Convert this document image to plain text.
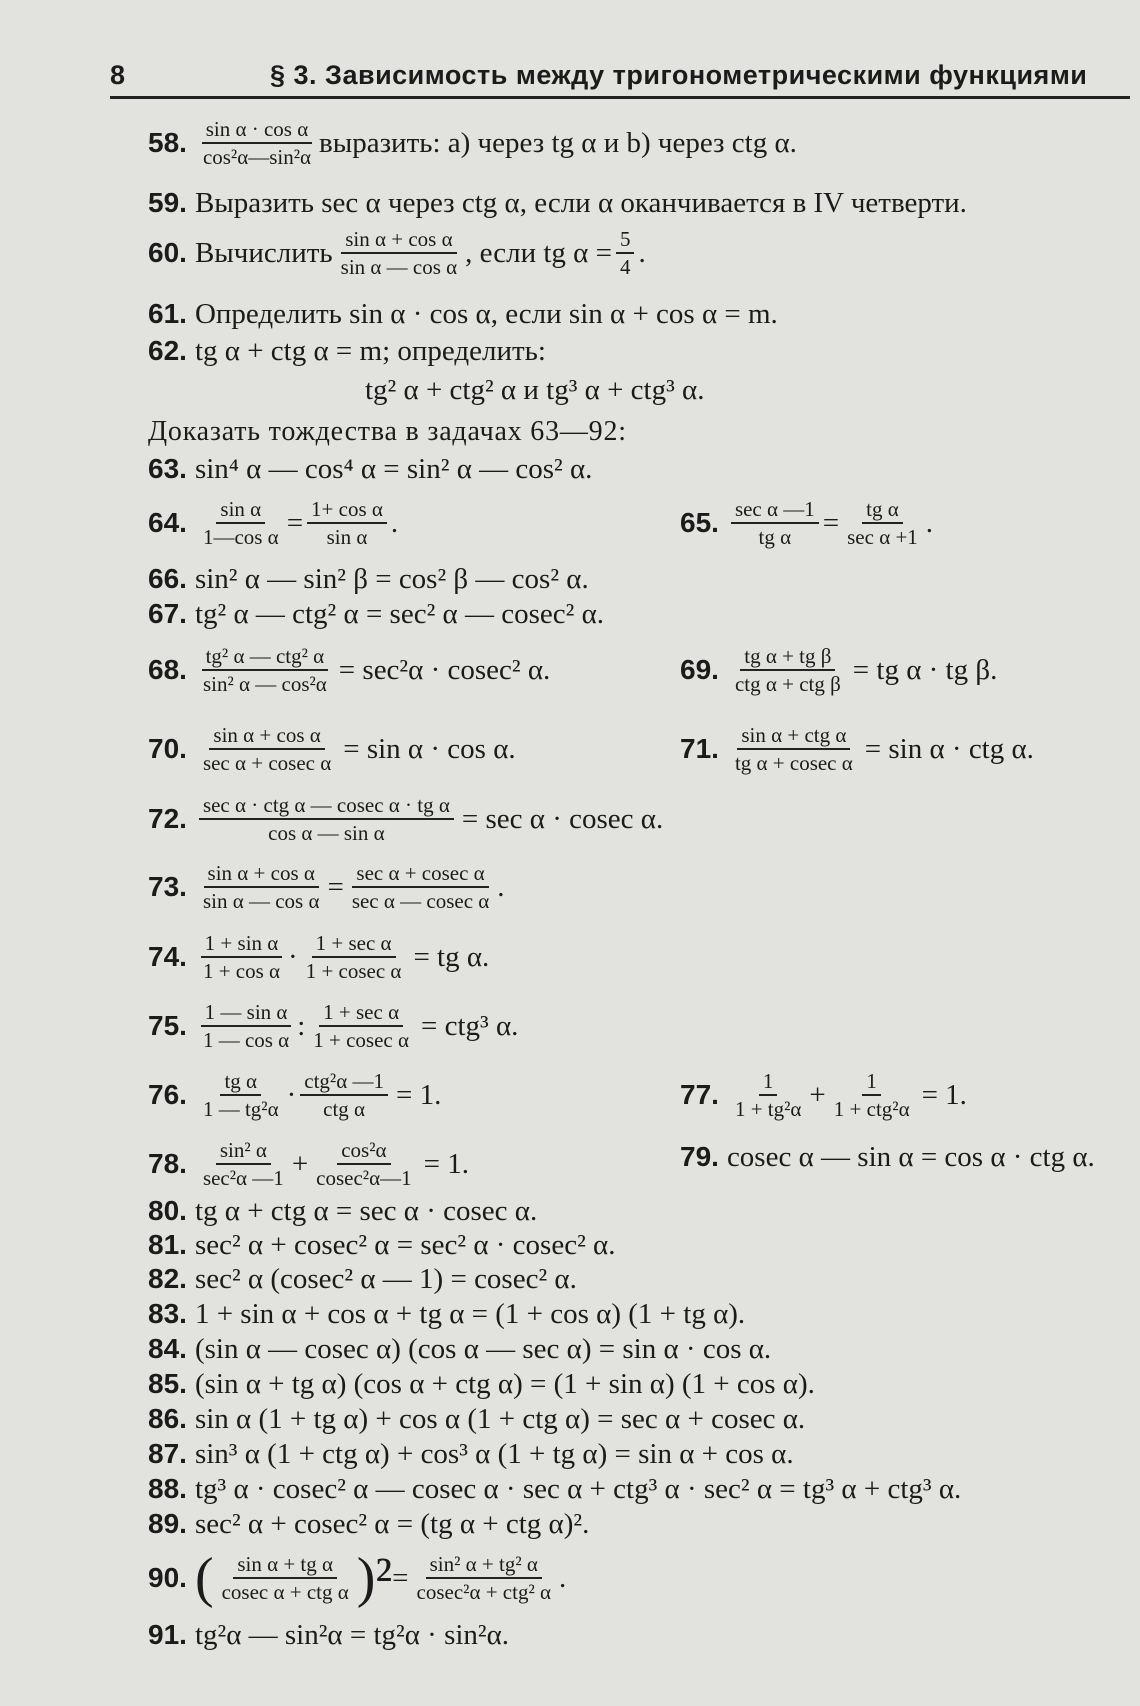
8	§ 3. Зависимость между тригонометрическими функциями
58. $\frac{\text{sin α · cos α}}{\text{cos²α—sin²α}}$ выразить: a) через tg α и b) через ctg α.
59. Выразить sec α через ctg α, если α оканчивается в IV четверти.
60. Вычислить $\frac{\text{sin α + cos α}}{\text{sin α — cos α}}$ , если tg $\alpha = \frac{5}{4}$ .
61. Определить sin α · cos α, если sin α + cos α = m.
62. tg α + ctg α = m; определить:
tg² α + ctg² α и tg³ α + ctg³ α.
Доказать тождества в задачах 63—92:
63. sin⁴ α — cos⁴ α = sin² α — cos² α.
64. $\frac{\text{sin α}}{\text{1—cos α}} = \frac{\text{1+ cos α}}{\text{sin α}}$ .	65. $\frac{\text{sec α —1}}{\text{tg α}} = \frac{\text{tg α}}{\text{sec α +1}}$ .
66. sin² α — sin² β = cos² β — cos² α.
67. tg² α — ctg² α = sec² α — cosec² α.
68. $\frac{\text{tg² α — ctg² α}}{\text{sin² α — cos²α}} = \sec^2\alpha \cdot cosec^2$ α.	69. $\frac{\text{tg α + tg β}}{\text{ctg α + ctg β}}$ = tg α · tg β.
70. $\frac{\text{sin α + cos α}}{\text{sec α + cosec α}} = \sin \alpha \cdot \cos \alpha$.	71. $\frac{\text{sin α + ctg α}}{\text{tg α + cosec α}} = \sin \alpha$ · ctg α.
72. $\frac{\text{sec α · ctg α — cosec α · tg α}}{\text{cos α — sin α}} = \sec \alpha \cdot cosec$ α.
73. $\frac{\text{sin α + cos α}}{\text{sin α — cos α}} = \frac{\text{sec α + cosec α}}{\text{sec α — cosec α}}$ .
74. $\frac{\text{1 + sin α}}{\text{1 + cos α}} \cdot \frac{\text{1 + sec α}}{\text{1 + cosec α}}$ = tg α.
75. $\frac{\text{1 — sin α}}{\text{1 — cos α}}$ : $\frac{\text{1 + sec α}}{\text{1 + cosec α}} = ctg^3$ α.
76. $\frac{\text{tg α}}{\text{1 — tg²α}} \cdot \frac{\text{ctg²α —1}}{\text{ctg α}} = 1$.	77. $\frac{1}{\text{1 + tg²α}} + \frac{1}{\text{1 + ctg²α}} = 1$.
78. $\frac{\text{sin² α}}{\text{sec²α —1}} + \frac{\text{cos²α}}{\text{cosec²α—1}} = 1$.	79. cosec α — sin α = cos α · ctg α.
80. tg α + ctg α = sec α · cosec α.
81. sec² α + cosec² α = sec² α · cosec² α.
82. sec² α (cosec² α — 1) = cosec² α.
83. 1 + sin α + cos α + tg α = (1 + cos α) (1 + tg α).
84. (sin α — cosec α) (cos α — sec α) = sin α · cos α.
85. (sin α + tg α) (cos α + ctg α) = (1 + sin α) (1 + cos α).
86. sin α (1 + tg α) + cos α (1 + ctg α) = sec α + cosec α.
87. sin³ α (1 + ctg α) + cos³ α (1 + tg α) = sin α + cos α.
88. tg³ α · cosec² α — cosec α · sec α + ctg³ α · sec² α = tg³ α + ctg³ α.
89. sec² α + cosec² α = (tg α + ctg α)².
90. ( $\frac{\text{sin α + tg α}}{\text{cosec α + ctg α}} )^2 = \frac{\text{sin² α + tg² α}}{\text{cosec²α + ctg² α}}$ .
91. tg²α — sin²α = tg²α · sin²α.
